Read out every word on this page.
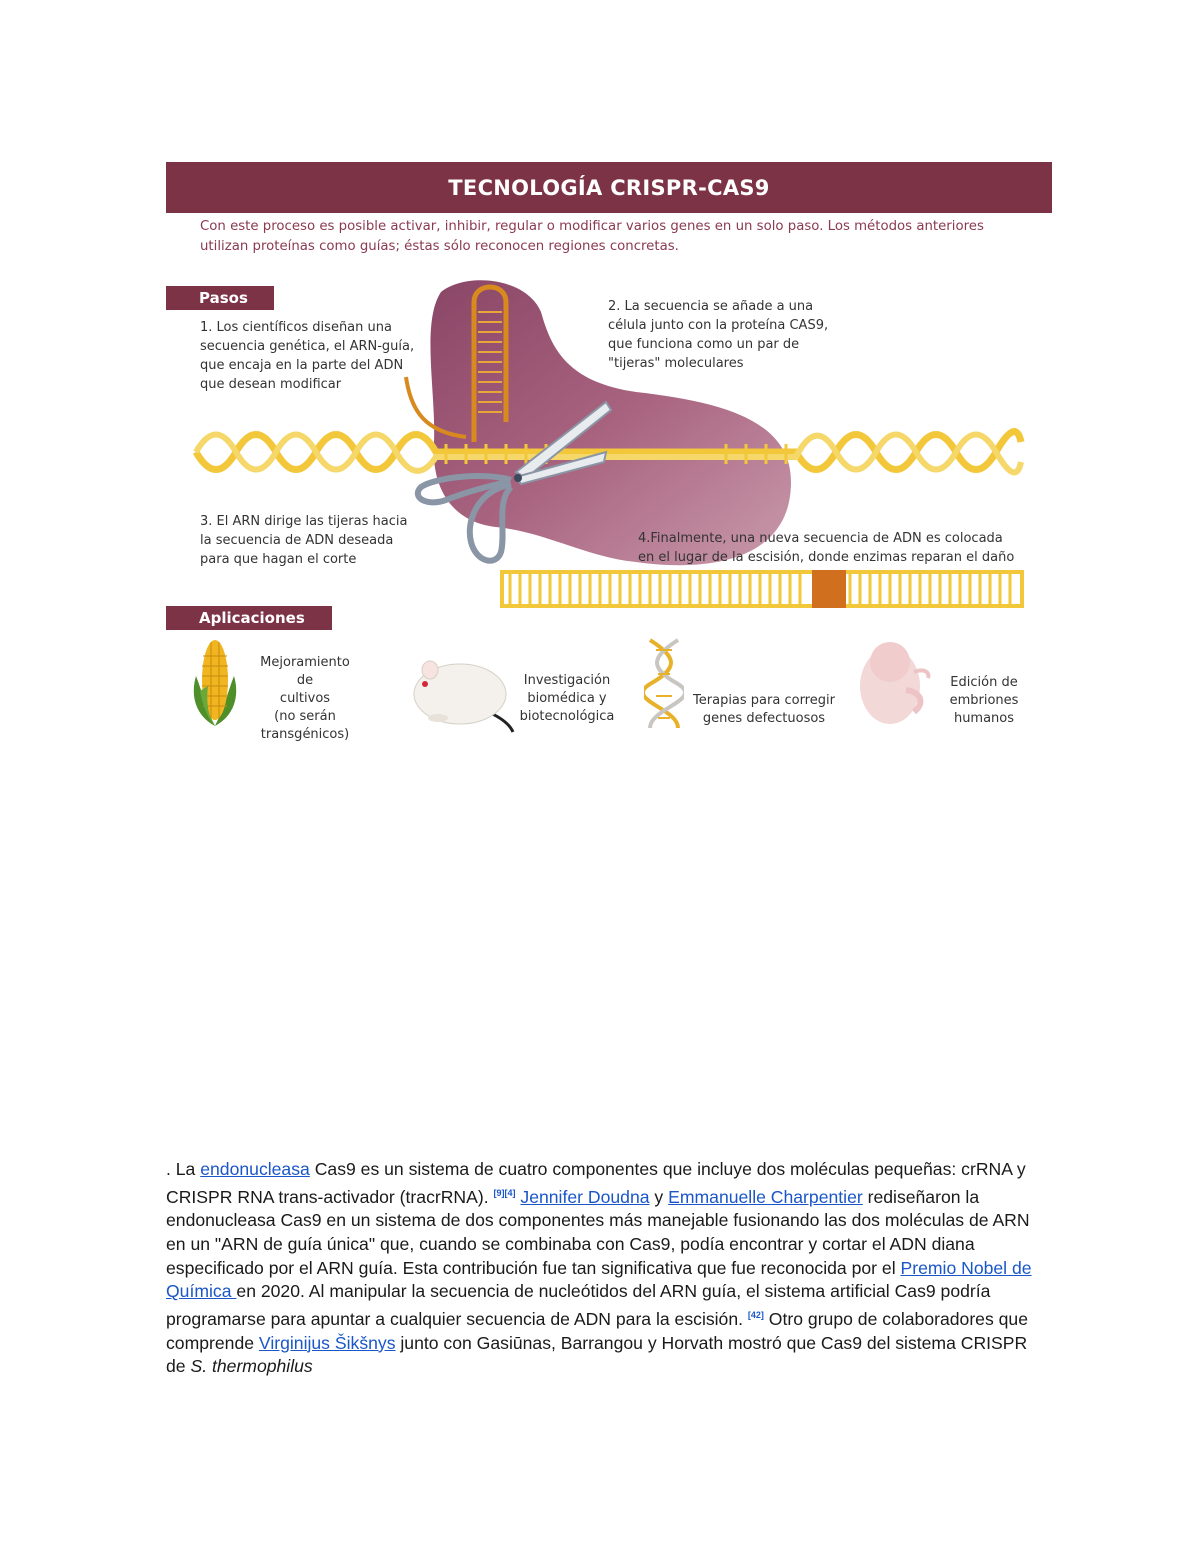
TECNOLOGÍA CRISPR-CAS9
Con este proceso es posible activar, inhibir, regular o modificar varios genes en un solo paso. Los métodos anteriores
utilizan proteínas como guías; éstas sólo reconocen regiones concretas.
Pasos
1. Los científicos diseñan una
secuencia genética, el ARN-guía,
que encaja en la parte del ADN
que desean modificar
2. La secuencia se añade a una
célula junto con la proteína CAS9,
que funciona como un par de
"tijeras" moleculares
3. El ARN dirige las tijeras hacia
la secuencia de ADN deseada
para que hagan el corte
4.Finalmente, una nueva secuencia de ADN es colocada
en el lugar de la escisión, donde enzimas reparan el daño
Aplicaciones
Mejoramiento de
cultivos
(no serán
transgénicos)
Investigación
biomédica y
biotecnológica
Terapias para corregir
genes defectuosos
Edición de
embriones
humanos
. La endonucleasa Cas9 es un sistema de cuatro componentes que incluye dos moléculas pequeñas: crRNA y CRISPR RNA trans-activador (tracrRNA). [9][4] Jennifer Doudna y Emmanuelle Charpentier rediseñaron la endonucleasa Cas9 en un sistema de dos componentes más manejable fusionando las dos moléculas de ARN en un "ARN de guía única" que, cuando se combinaba con Cas9, podía encontrar y cortar el ADN diana especificado por el ARN guía. Esta contribución fue tan significativa que fue reconocida por el Premio Nobel de Química en 2020. Al manipular la secuencia de nucleótidos del ARN guía, el sistema artificial Cas9 podría programarse para apuntar a cualquier secuencia de ADN para la escisión. [42] Otro grupo de colaboradores que comprende Virginijus Šikšnys junto con Gasiūnas, Barrangou y Horvath mostró que Cas9 del sistema CRISPR de S. thermophilus
